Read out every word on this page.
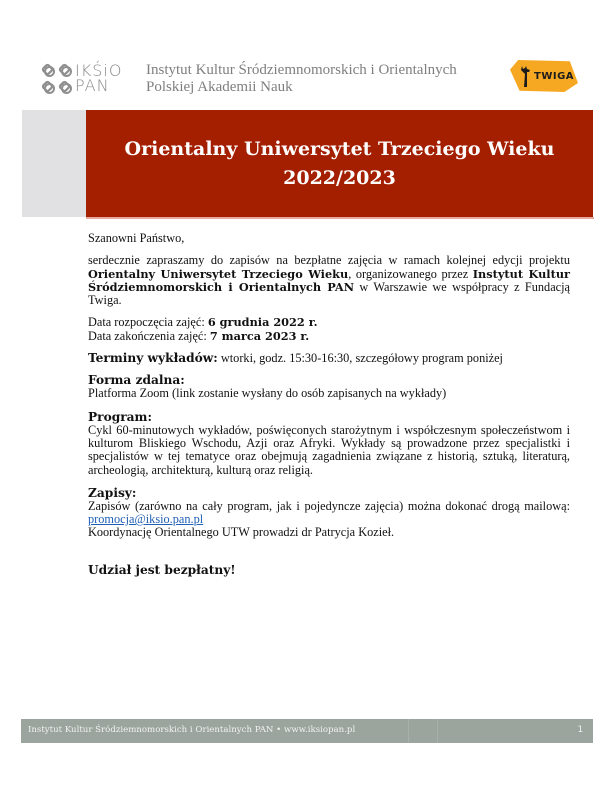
IKŚiO
PAN
Instytut Kultur Śródziemnomorskich i Orientalnych
Polskiej Akademii Nauk
TWIGA
Orientalny Uniwersytet Trzeciego Wieku
2022/2023

Szanowni Państwo,

serdecznie zapraszamy do zapisów na bezpłatne zajęcia w ramach kolejnej edycji projektu Orientalny Uniwersytet Trzeciego Wieku, organizowanego przez Instytut Kultur Śródziemnomorskich i Orientalnych PAN w Warszawie we współpracy z Fundacją Twiga.

Data rozpoczęcia zajęć: 6 grudnia 2022 r.
Data zakończenia zajęć: 7 marca 2023 r.

Terminy wykładów: wtorki, godz. 15:30-16:30, szczegółowy program poniżej

Forma zdalna:
Platforma Zoom (link zostanie wysłany do osób zapisanych na wykłady)
Program:
Cykl 60-minutowych wykładów, poświęconych starożytnym i współczesnym społeczeństwom i kulturom Bliskiego Wschodu, Azji oraz Afryki. Wykłady są prowadzone przez specjalistki i specjalistów w tej tematyce oraz obejmują zagadnienia związane z historią, sztuką, literaturą, archeologią, architekturą, kulturą oraz religią.
Zapisy:
Zapisów (zarówno na cały program, jak i pojedyncze zajęcia) można dokonać drogą mailową: promocja@iksio.pan.pl
Koordynację Orientalnego UTW prowadzi dr Patrycja Kozieł.

Udział jest bezpłatny!

Instytut Kultur Śródziemnomorskich i Orientalnych PAN • www.iksiopan.pl	1
